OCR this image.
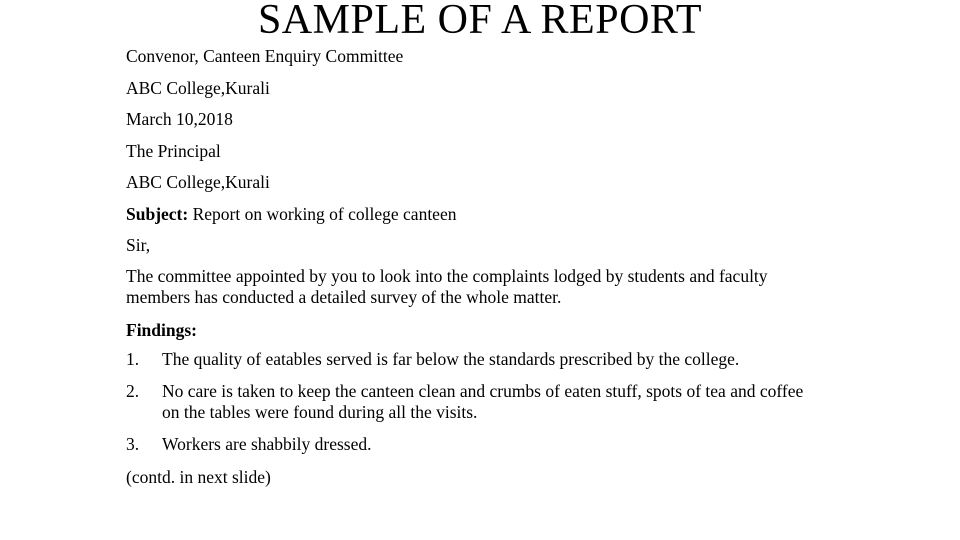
SAMPLE OF A REPORT
Convenor, Canteen Enquiry Committee
ABC College,Kurali
March 10,2018
The Principal
ABC College,Kurali
Subject: Report on working of college canteen
Sir,
The committee appointed by you to look into the complaints lodged by students and faculty members has conducted a detailed survey of the whole matter.
Findings:
1.	The quality of eatables served is far below the standards prescribed by the college.
2.	No care is taken to keep the canteen clean and crumbs of eaten stuff, spots of tea and coffee on the tables were found during all the visits.
3.	Workers are shabbily dressed.
(contd. in next slide)
